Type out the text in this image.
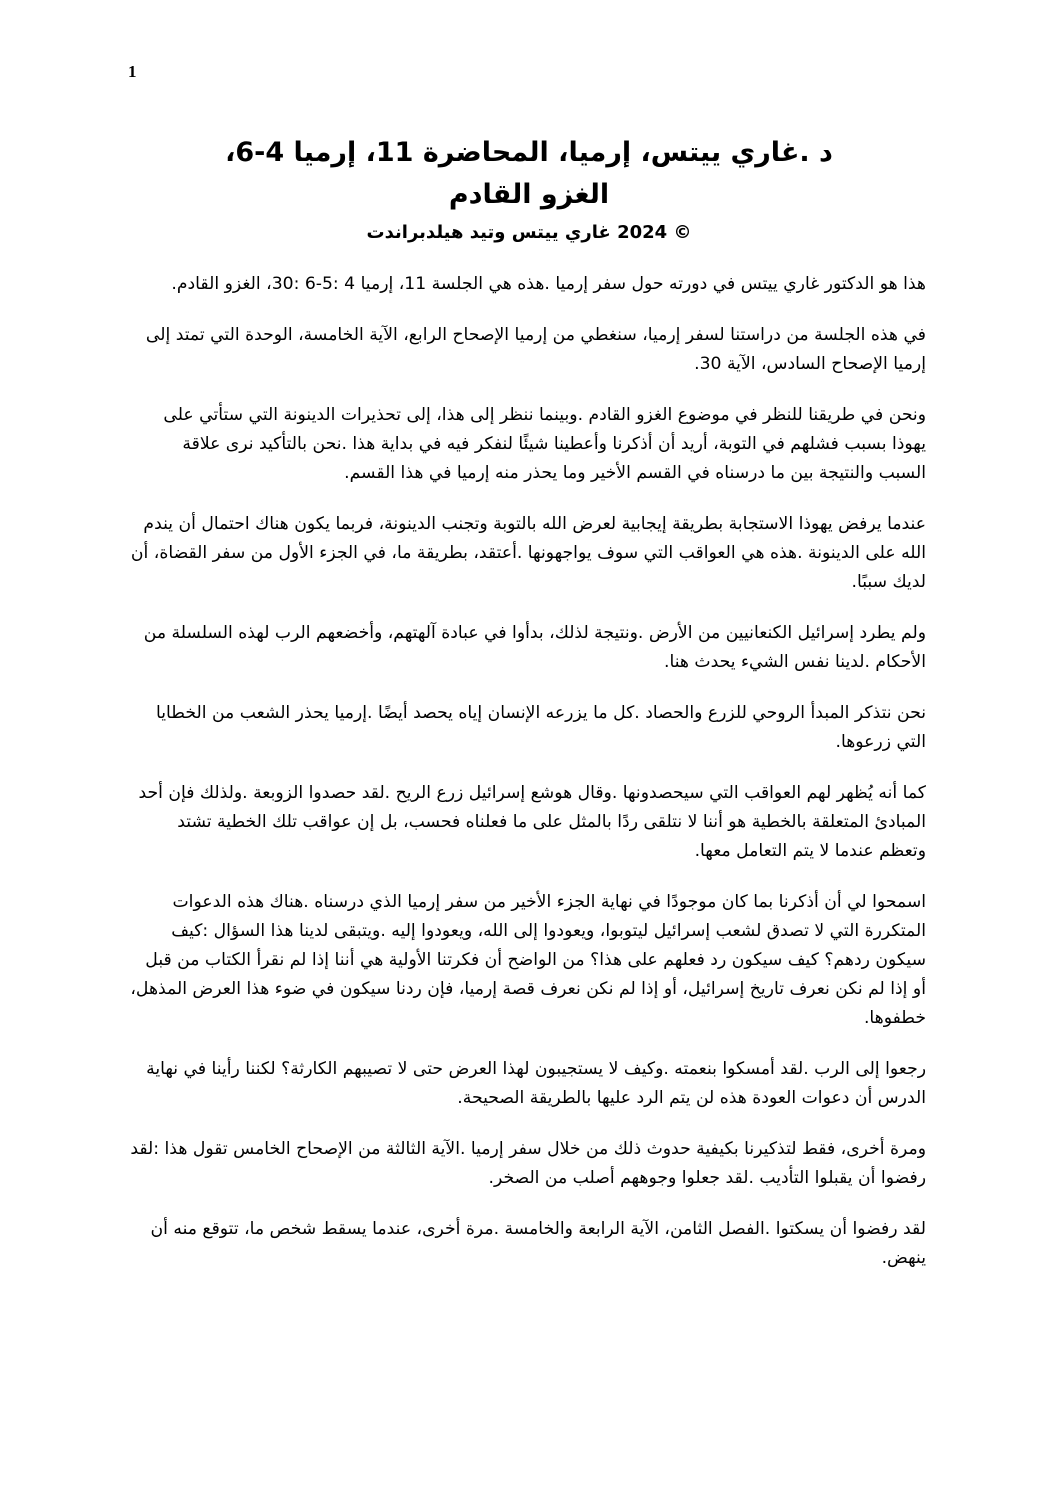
1
د .غاري ييتس، إرميا، المحاضرة 11، إرميا 4-6،
الغزو القادم
© 2024 غاري ييتس وتيد هيلدبراندت

هذا هو الدكتور غاري ييتس في دورته حول سفر إرميا .هذه هي الجلسة 11، إرميا 4 :5-6 :30، الغزو القادم.

في هذه الجلسة من دراستنا لسفر إرميا، سنغطي من إرميا الإصحاح الرابع، الآية الخامسة، الوحدة التي تمتد إلى إرميا الإصحاح السادس، الآية 30.

ونحن في طريقنا للنظر في موضوع الغزو القادم .وبينما ننظر إلى هذا، إلى تحذيرات الدينونة التي ستأتي على يهوذا بسبب فشلهم في التوبة، أريد أن أذكرنا وأعطينا شيئًا لنفكر فيه في بداية هذا .نحن بالتأكيد نرى علاقة السبب والنتيجة بين ما درسناه في القسم الأخير وما يحذر منه إرميا في هذا القسم.

عندما يرفض يهوذا الاستجابة بطريقة إيجابية لعرض الله بالتوبة وتجنب الدينونة، فربما يكون هناك احتمال أن يندم الله على الدينونة .هذه هي العواقب التي سوف يواجهونها .أعتقد، بطريقة ما، في الجزء الأول من سفر القضاة، أن لديك سببًا.

ولم يطرد إسرائيل الكنعانيين من الأرض .ونتيجة لذلك، بدأوا في عبادة آلهتهم، وأخضعهم الرب لهذه السلسلة من الأحكام .لدينا نفس الشيء يحدث هنا.

نحن نتذكر المبدأ الروحي للزرع والحصاد .كل ما يزرعه الإنسان إياه يحصد أيضًا .إرميا يحذر الشعب من الخطايا التي زرعوها.

كما أنه يُظهر لهم العواقب التي سيحصدونها .وقال هوشع إسرائيل زرع الريح .لقد حصدوا الزوبعة .ولذلك فإن أحد المبادئ المتعلقة بالخطية هو أننا لا نتلقى ردًا بالمثل على ما فعلناه فحسب، بل إن عواقب تلك الخطية تشتد وتعظم عندما لا يتم التعامل معها.

اسمحوا لي أن أذكرنا بما كان موجودًا في نهاية الجزء الأخير من سفر إرميا الذي درسناه .هناك هذه الدعوات المتكررة التي لا تصدق لشعب إسرائيل ليتوبوا، ويعودوا إلى الله، ويعودوا إليه .ويتبقى لدينا هذا السؤال :كيف سيكون ردهم؟ كيف سيكون رد فعلهم على هذا؟ من الواضح أن فكرتنا الأولية هي أننا إذا لم نقرأ الكتاب من قبل أو إذا لم نكن نعرف تاريخ إسرائيل، أو إذا لم نكن نعرف قصة إرميا، فإن ردنا سيكون في ضوء هذا العرض المذهل، خطفوها.

رجعوا إلى الرب .لقد أمسكوا بنعمته .وكيف لا يستجيبون لهذا العرض حتى لا تصيبهم الكارثة؟ لكننا رأينا في نهاية الدرس أن دعوات العودة هذه لن يتم الرد عليها بالطريقة الصحيحة.

ومرة أخرى، فقط لتذكيرنا بكيفية حدوث ذلك من خلال سفر إرميا .الآية الثالثة من الإصحاح الخامس تقول هذا :لقد رفضوا أن يقبلوا التأديب .لقد جعلوا وجوههم أصلب من الصخر.

لقد رفضوا أن يسكتوا .الفصل الثامن، الآية الرابعة والخامسة .مرة أخرى، عندما يسقط شخص ما، تتوقع منه أن ينهض.
